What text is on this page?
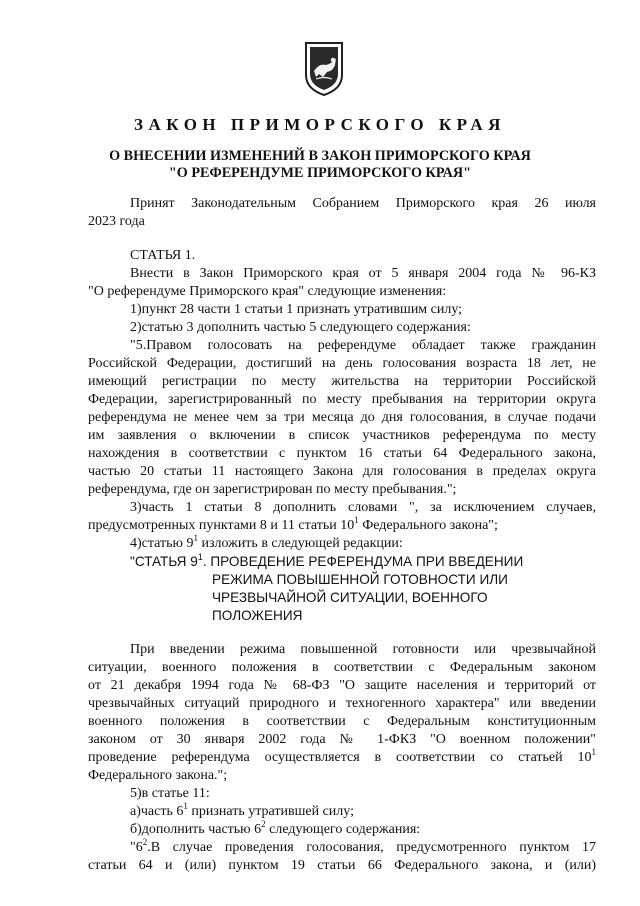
ЗАКОН ПРИМОРСКОГО КРАЯ
О ВНЕСЕНИИ ИЗМЕНЕНИЙ В ЗАКОН ПРИМОРСКОГО КРАЯ
"О РЕФЕРЕНДУМЕ ПРИМОРСКОГО КРАЯ"
Принят Законодательным Собранием Приморского края 26 июля
2023 года
СТАТЬЯ 1.
Внести в Закон Приморского края от 5 января 2004 года № 96-КЗ
"О референдуме Приморского края" следующие изменения:
1)пункт 28 части 1 статьи 1 признать утратившим силу;
2)статью 3 дополнить частью 5 следующего содержания:
"5.Правом голосовать на референдуме обладает также гражданин
Российской Федерации, достигший на день голосования возраста 18 лет, не
имеющий регистрации по месту жительства на территории Российской
Федерации, зарегистрированный по месту пребывания на территории округа
референдума не менее чем за три месяца до дня голосования, в случае подачи
им заявления о включении в список участников референдума по месту
нахождения в соответствии с пунктом 16 статьи 64 Федерального закона,
частью 20 статьи 11 настоящего Закона для голосования в пределах округа
референдума, где он зарегистрирован по месту пребывания.";
3)часть 1 статьи 8 дополнить словами ", за исключением случаев,
предусмотренных пунктами 8 и 11 статьи $10^1$ Федерального закона";
4)статью $9^1$ изложить в следующей редакции:
"СТАТЬЯ $9^1$. ПРОВЕДЕНИЕ РЕФЕРЕНДУМА ПРИ ВВЕДЕНИИ
РЕЖИМА ПОВЫШЕННОЙ ГОТОВНОСТИ ИЛИ
ЧРЕЗВЫЧАЙНОЙ СИТУАЦИИ, ВОЕННОГО
ПОЛОЖЕНИЯ
При введении режима повышенной готовности или чрезвычайной
ситуации, военного положения в соответствии с Федеральным законом
от 21 декабря 1994 года № 68-ФЗ "О защите населения и территорий от
чрезвычайных ситуаций природного и техногенного характера" или введении
военного положения в соответствии с Федеральным конституционным
законом от 30 января 2002 года № 1-ФКЗ "О военном положении"
проведение референдума осуществляется в соответствии со статьей $10^1$
Федерального закона.";
5)в статье 11:
а)часть $6^1$ признать утратившей силу;
б)дополнить частью $6^2$ следующего содержания:
"$6^2.В$ случае проведения голосования, предусмотренного пунктом 17
статьи 64 и (или) пунктом 19 статьи 66 Федерального закона, и (или)
